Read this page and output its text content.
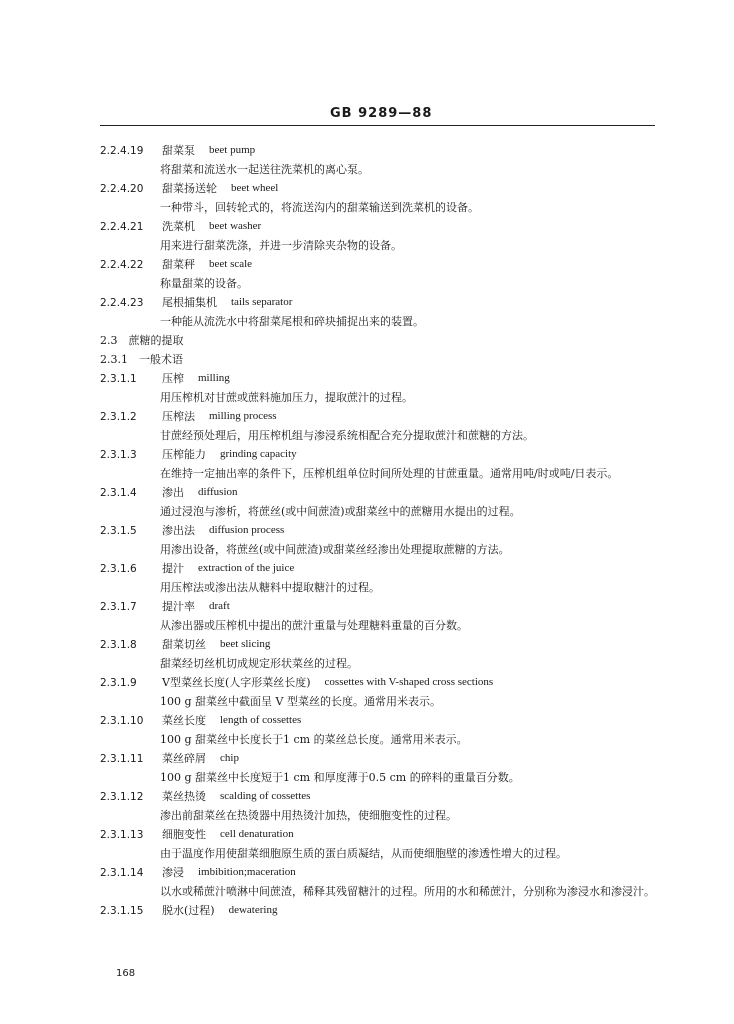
GB 9289—88
2.2.4.19	甜菜泵 beet pump
将甜菜和流送水一起送往洗菜机的离心泵。
2.2.4.20	甜菜扬送轮 beet wheel
一种带斗，回转轮式的，将流送沟内的甜菜输送到洗菜机的设备。
2.2.4.21	洗菜机 beet washer
用来进行甜菜洗涤，并进一步清除夹杂物的设备。
2.2.4.22	甜菜秤 beet scale
称量甜菜的设备。
2.2.4.23	尾根捕集机 tails separator
一种能从流洗水中将甜菜尾根和碎块捕捉出来的装置。
2.3　蔗糖的提取
2.3.1　一般术语
2.3.1.1	压榨 milling
用压榨机对甘蔗或蔗料施加压力，提取蔗汁的过程。
2.3.1.2	压榨法 milling process
甘蔗经预处理后，用压榨机组与渗浸系统相配合充分提取蔗汁和蔗糖的方法。
2.3.1.3	压榨能力 grinding capacity
在维持一定抽出率的条件下，压榨机组单位时间所处理的甘蔗重量。通常用吨/时或吨/日表示。
2.3.1.4	渗出 diffusion
通过浸泡与渗析，将蔗丝(或中间蔗渣)或甜菜丝中的蔗糖用水提出的过程。
2.3.1.5	渗出法 diffusion process
用渗出设备，将蔗丝(或中间蔗渣)或甜菜丝经渗出处理提取蔗糖的方法。
2.3.1.6	提汁 extraction of the juice
用压榨法或渗出法从糖料中提取糖汁的过程。
2.3.1.7	提汁率 draft
从渗出器或压榨机中提出的蔗汁重量与处理糖料重量的百分数。
2.3.1.8	甜菜切丝 beet slicing
甜菜经切丝机切成规定形状菜丝的过程。
2.3.1.9	V型菜丝长度(人字形菜丝长度) cossettes with V-shaped cross sections
100 g 甜菜丝中截面呈 V 型菜丝的长度。通常用米表示。
2.3.1.10	菜丝长度 length of cossettes
100 g 甜菜丝中长度长于1 cm 的菜丝总长度。通常用米表示。
2.3.1.11	菜丝碎屑 chip
100 g 甜菜丝中长度短于1 cm 和厚度薄于0.5 cm 的碎料的重量百分数。
2.3.1.12	菜丝热烫 scalding of cossettes
渗出前甜菜丝在热烫器中用热烫汁加热，使细胞变性的过程。
2.3.1.13	细胞变性 cell denaturation
由于温度作用使甜菜细胞原生质的蛋白质凝结，从而使细胞壁的渗透性增大的过程。
2.3.1.14	渗浸 imbibition;maceration
以水或稀蔗汁喷淋中间蔗渣，稀释其残留糖汁的过程。所用的水和稀蔗汁，分别称为渗浸水和渗浸汁。
2.3.1.15	脱水(过程) dewatering
168
